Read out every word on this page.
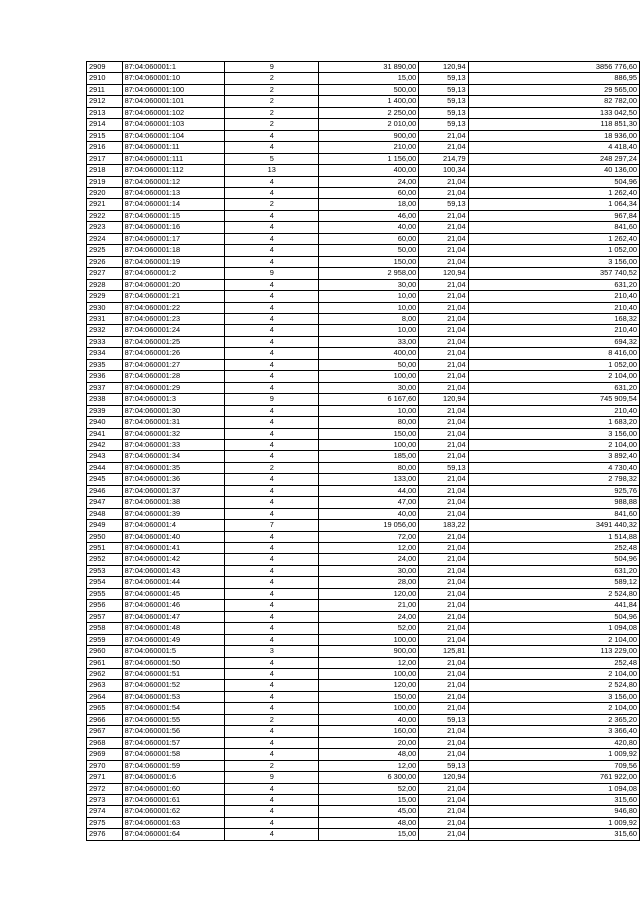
2909	87:04:060001:1	9	31 890,00	120,94	3856 776,60
2910	87:04:060001:10	2	15,00	59,13	886,95
2911	87:04:060001:100	2	500,00	59,13	29 565,00
2912	87:04:060001:101	2	1 400,00	59,13	82 782,00
2913	87:04:060001:102	2	2 250,00	59,13	133 042,50
2914	87:04:060001:103	2	2 010,00	59,13	118 851,30
2915	87:04:060001:104	4	900,00	21,04	18 936,00
2916	87:04:060001:11	4	210,00	21,04	4 418,40
2917	87:04:060001:111	5	1 156,00	214,79	248 297,24
2918	87:04:060001:112	13	400,00	100,34	40 136,00
2919	87:04:060001:12	4	24,00	21,04	504,96
2920	87:04:060001:13	4	60,00	21,04	1 262,40
2921	87:04:060001:14	2	18,00	59,13	1 064,34
2922	87:04:060001:15	4	46,00	21,04	967,84
2923	87:04:060001:16	4	40,00	21,04	841,60
2924	87:04:060001:17	4	60,00	21,04	1 262,40
2925	87:04:060001:18	4	50,00	21,04	1 052,00
2926	87:04:060001:19	4	150,00	21,04	3 156,00
2927	87:04:060001:2	9	2 958,00	120,94	357 740,52
2928	87:04:060001:20	4	30,00	21,04	631,20
2929	87:04:060001:21	4	10,00	21,04	210,40
2930	87:04:060001:22	4	10,00	21,04	210,40
2931	87:04:060001:23	4	8,00	21,04	168,32
2932	87:04:060001:24	4	10,00	21,04	210,40
2933	87:04:060001:25	4	33,00	21,04	694,32
2934	87:04:060001:26	4	400,00	21,04	8 416,00
2935	87:04:060001:27	4	50,00	21,04	1 052,00
2936	87:04:060001:28	4	100,00	21,04	2 104,00
2937	87:04:060001:29	4	30,00	21,04	631,20
2938	87:04:060001:3	9	6 167,60	120,94	745 909,54
2939	87:04:060001:30	4	10,00	21,04	210,40
2940	87:04:060001:31	4	80,00	21,04	1 683,20
2941	87:04:060001:32	4	150,00	21,04	3 156,00
2942	87:04:060001:33	4	100,00	21,04	2 104,00
2943	87:04:060001:34	4	185,00	21,04	3 892,40
2944	87:04:060001:35	2	80,00	59,13	4 730,40
2945	87:04:060001:36	4	133,00	21,04	2 798,32
2946	87:04:060001:37	4	44,00	21,04	925,76
2947	87:04:060001:38	4	47,00	21,04	988,88
2948	87:04:060001:39	4	40,00	21,04	841,60
2949	87:04:060001:4	7	19 056,00	183,22	3491 440,32
2950	87:04:060001:40	4	72,00	21,04	1 514,88
2951	87:04:060001:41	4	12,00	21,04	252,48
2952	87:04:060001:42	4	24,00	21,04	504,96
2953	87:04:060001:43	4	30,00	21,04	631,20
2954	87:04:060001:44	4	28,00	21,04	589,12
2955	87:04:060001:45	4	120,00	21,04	2 524,80
2956	87:04:060001:46	4	21,00	21,04	441,84
2957	87:04:060001:47	4	24,00	21,04	504,96
2958	87:04:060001:48	4	52,00	21,04	1 094,08
2959	87:04:060001:49	4	100,00	21,04	2 104,00
2960	87:04:060001:5	3	900,00	125,81	113 229,00
2961	87:04:060001:50	4	12,00	21,04	252,48
2962	87:04:060001:51	4	100,00	21,04	2 104,00
2963	87:04:060001:52	4	120,00	21,04	2 524,80
2964	87:04:060001:53	4	150,00	21,04	3 156,00
2965	87:04:060001:54	4	100,00	21,04	2 104,00
2966	87:04:060001:55	2	40,00	59,13	2 365,20
2967	87:04:060001:56	4	160,00	21,04	3 366,40
2968	87:04:060001:57	4	20,00	21,04	420,80
2969	87:04:060001:58	4	48,00	21,04	1 009,92
2970	87:04:060001:59	2	12,00	59,13	709,56
2971	87:04:060001:6	9	6 300,00	120,94	761 922,00
2972	87:04:060001:60	4	52,00	21,04	1 094,08
2973	87:04:060001:61	4	15,00	21,04	315,60
2974	87:04:060001:62	4	45,00	21,04	946,80
2975	87:04:060001:63	4	48,00	21,04	1 009,92
2976	87:04:060001:64	4	15,00	21,04	315,60
